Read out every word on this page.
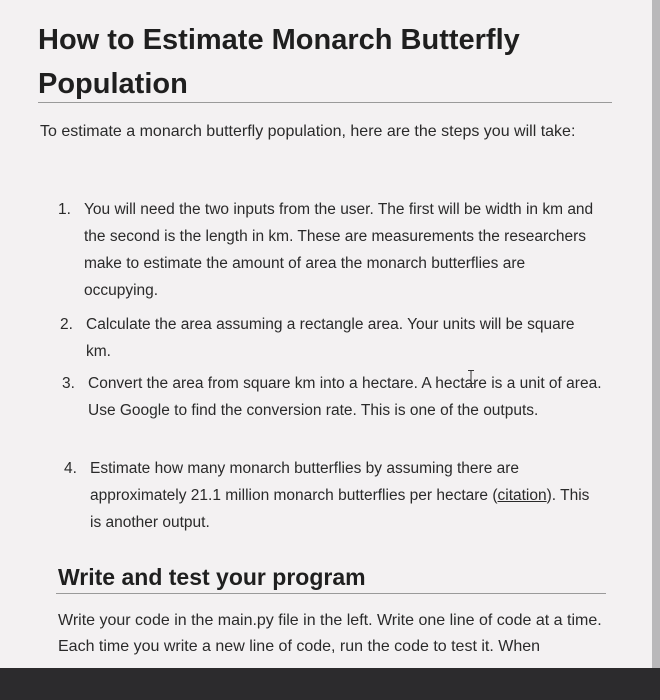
How to Estimate Monarch Butterfly Population

To estimate a monarch butterfly population, here are the steps you will take:

1. You will need the two inputs from the user. The first will be width in km and the second is the length in km. These are measurements the researchers make to estimate the amount of area the monarch butterflies are occupying.
2. Calculate the area assuming a rectangle area. Your units will be square km.
3. Convert the area from square km into a hectare. A hectare is a unit of area. Use Google to find the conversion rate. This is one of the outputs.
4. Estimate how many monarch butterflies by assuming there are approximately 21.1 million monarch butterflies per hectare (citation). This is another output.
Write and test your program

Write your code in the main.py file in the left. Write one line of code at a time. Each time you write a new line of code, run the code to test it. When
